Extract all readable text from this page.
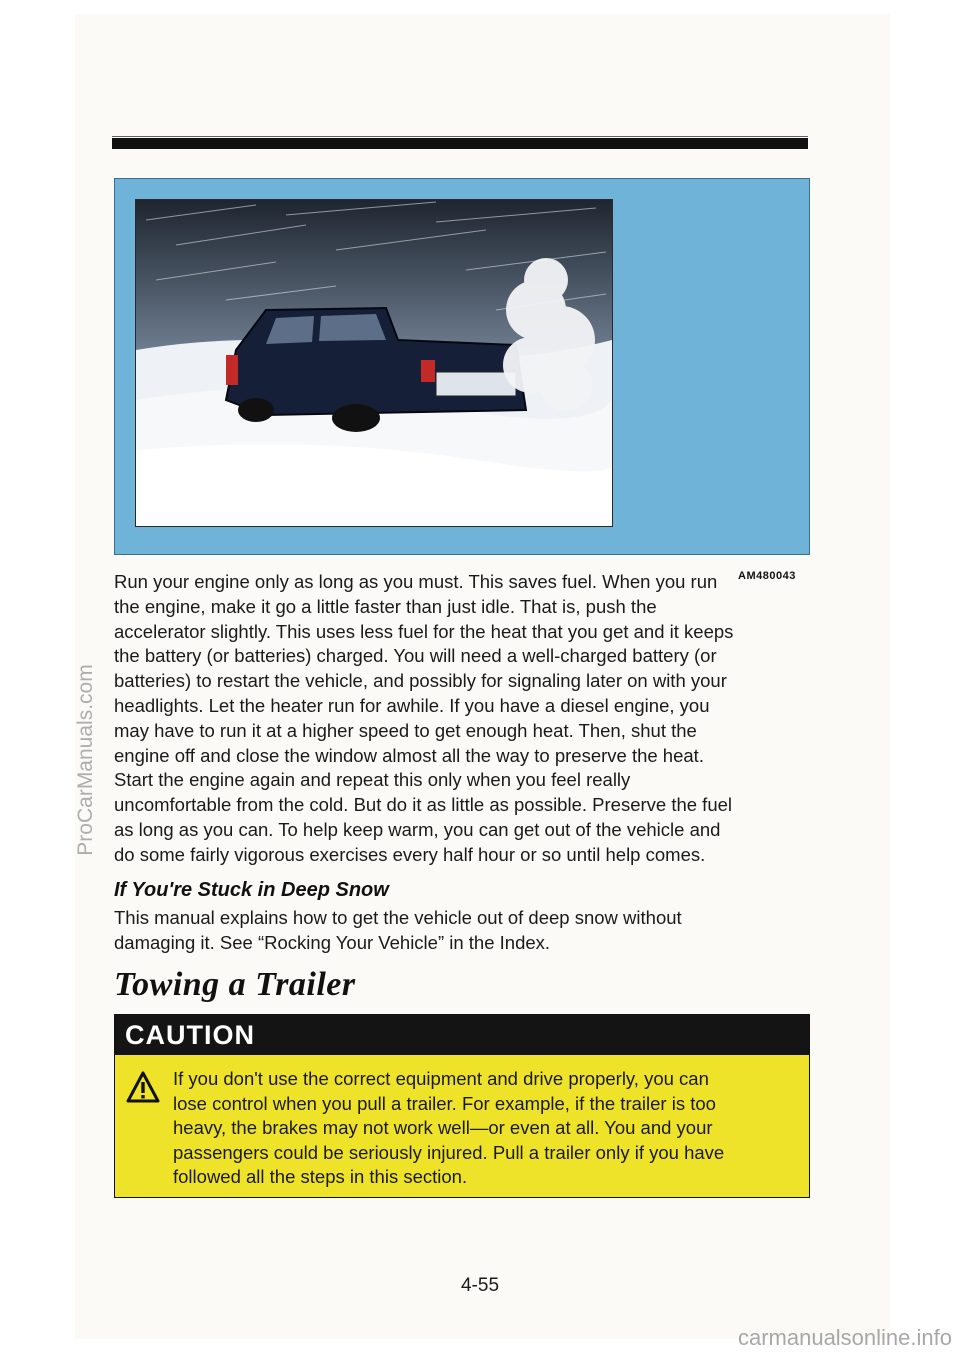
AM480043
Run your engine only as long as you must. This saves fuel. When you run
the engine, make it go a little faster than just idle. That is, push the
accelerator slightly. This uses less fuel for the heat that you get and it keeps
the battery (or batteries) charged. You will need a well-charged battery (or
batteries) to restart the vehicle, and possibly for signaling later on with your
headlights. Let the heater run for awhile. If you have a diesel engine, you
may have to run it at a higher speed to get enough heat. Then, shut the
engine off and close the window almost all the way to preserve the heat.
Start the engine again and repeat this only when you feel really
uncomfortable from the cold. But do it as little as possible. Preserve the fuel
as long as you can. To help keep warm, you can get out of the vehicle and
do some fairly vigorous exercises every half hour or so until help comes.
If You're Stuck in Deep Snow
This manual explains how to get the vehicle out of deep snow without
damaging it. See “Rocking Your Vehicle” in the Index.
Towing a Trailer
CAUTION
If you don't use the correct equipment and drive properly, you can
lose control when you pull a trailer. For example, if the trailer is too
heavy, the brakes may not work well—or even at all. You and your
passengers could be seriously injured. Pull a trailer only if you have
followed all the steps in this section.
4-55
ProCarManuals.com
carmanualsonline.info
